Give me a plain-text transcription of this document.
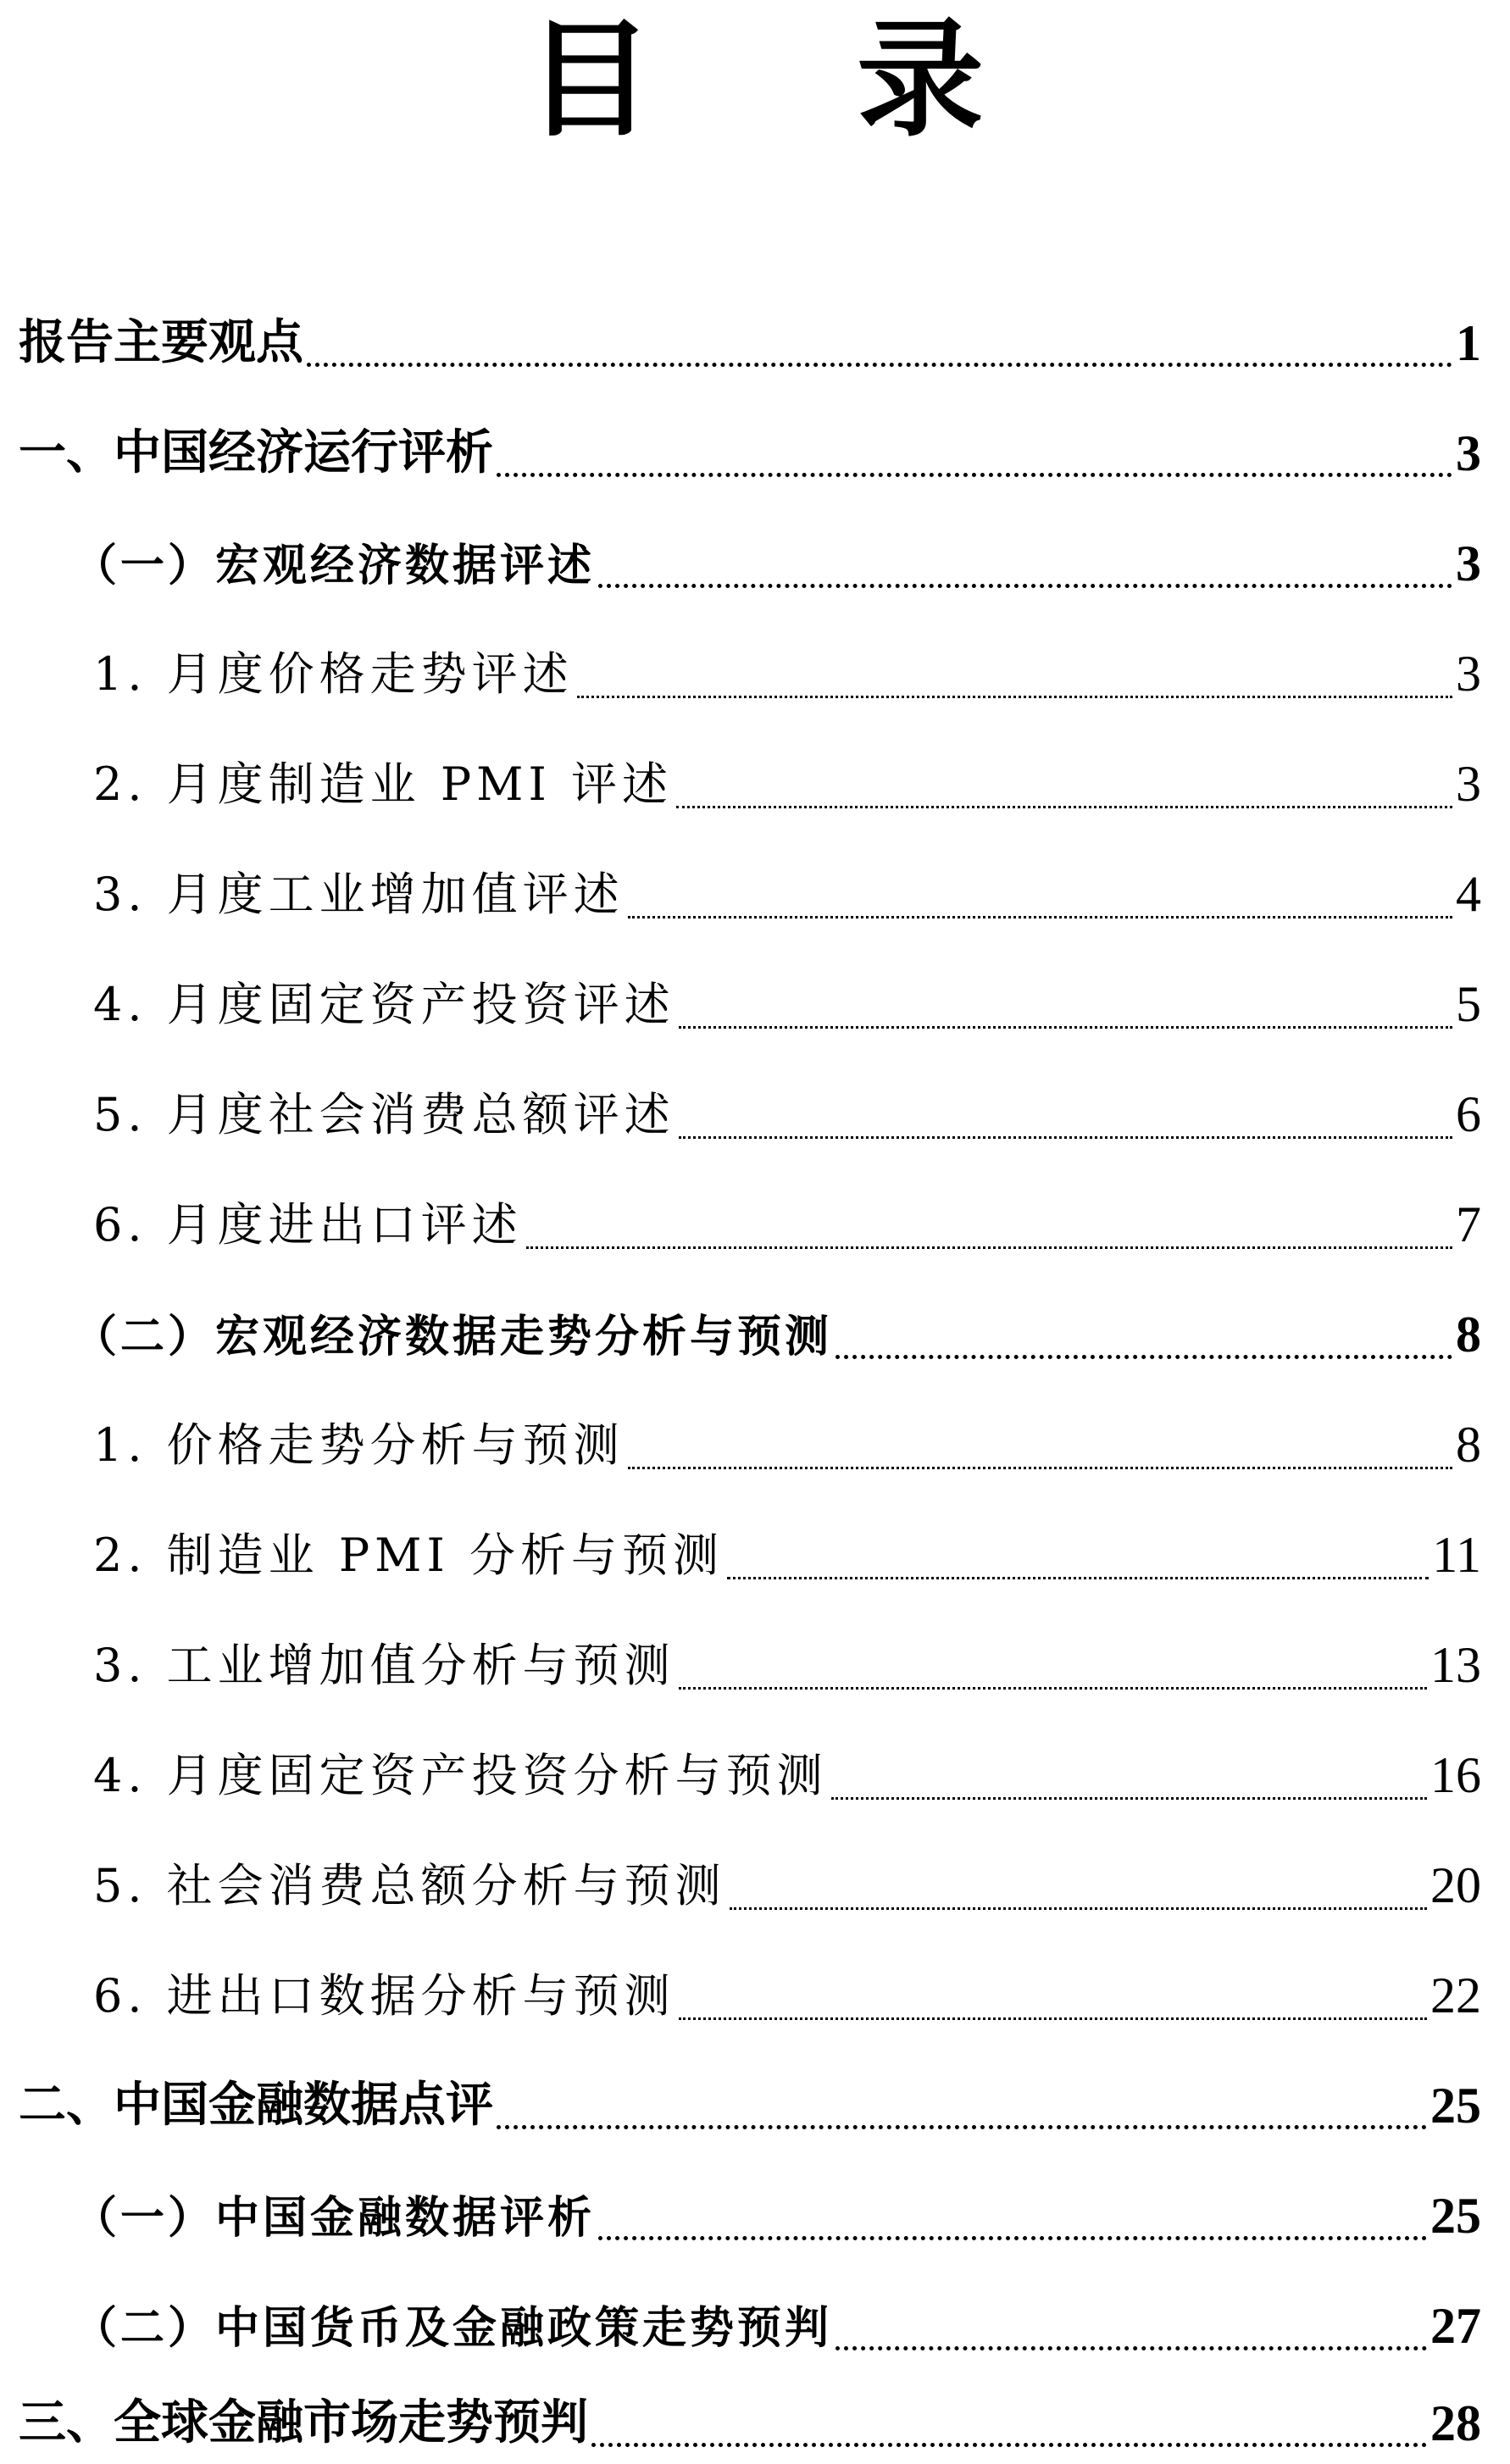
目 录
报告主要观点	1
一、中国经济运行评析	3
（一）宏观经济数据评述	3
1. 月度价格走势评述	3
2. 月度制造业 PMI 评述	3
3. 月度工业增加值评述	4
4. 月度固定资产投资评述	5
5. 月度社会消费总额评述	6
6. 月度进出口评述	7
（二）宏观经济数据走势分析与预测	8
1. 价格走势分析与预测	8
2. 制造业 PMI 分析与预测	11
3. 工业增加值分析与预测	13
4. 月度固定资产投资分析与预测	16
5. 社会消费总额分析与预测	20
6. 进出口数据分析与预测	22
二、中国金融数据点评	25
（一）中国金融数据评析	25
（二）中国货币及金融政策走势预判	27
三、全球金融市场走势预判	28
